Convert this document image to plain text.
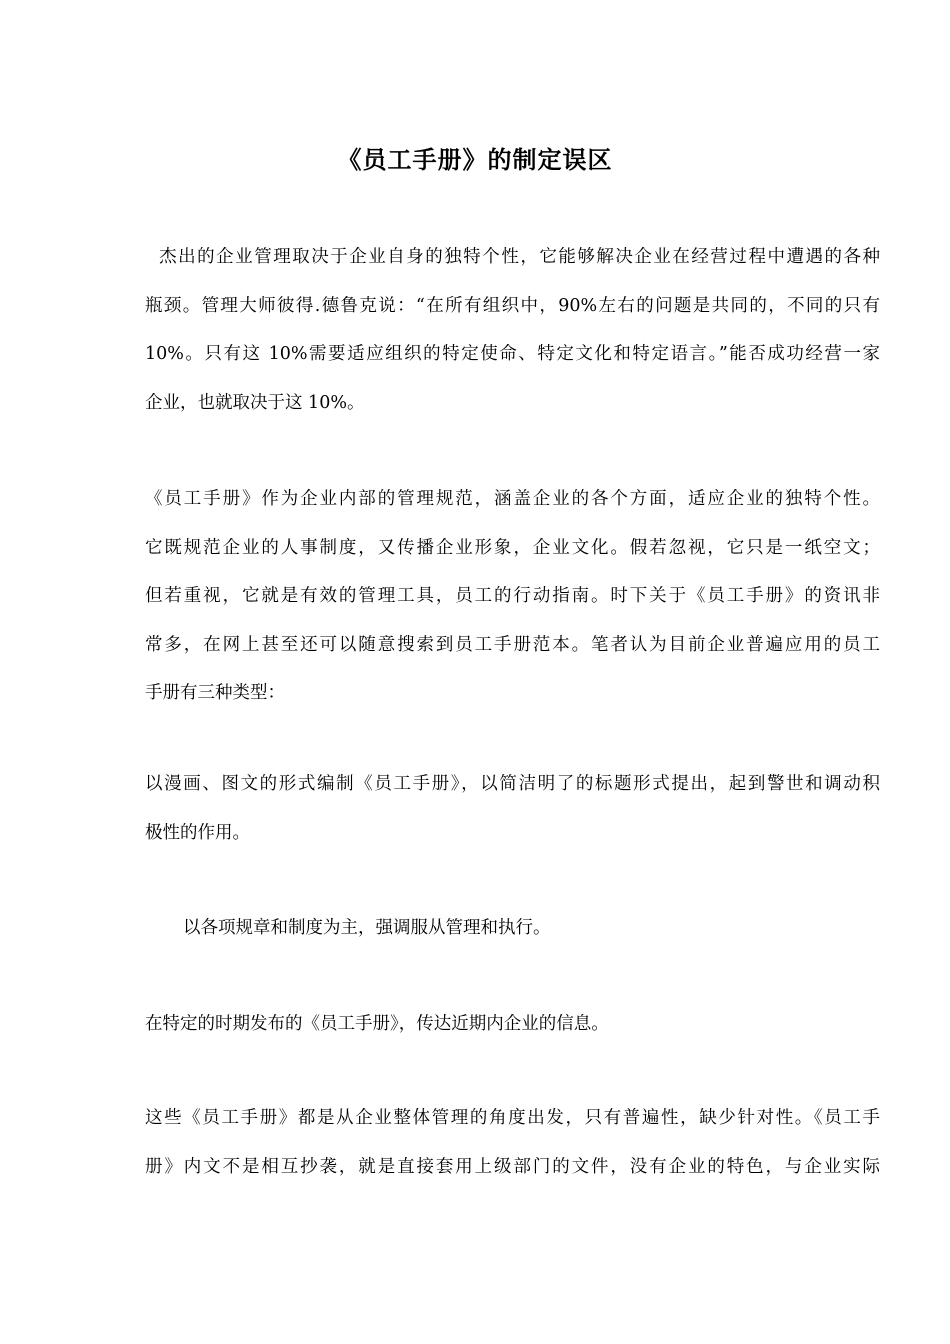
《员工手册》的制定误区

杰出的企业管理取决于企业自身的独特个性，它能够解决企业在经营过程中遭遇的各种
瓶颈。管理大师彼得.德鲁克说：“在所有组织中，90%左右的问题是共同的，不同的只有
10%。只有这 10%需要适应组织的特定使命、特定文化和特定语言。”能否成功经营一家
企业，也就取决于这 10%。

《员工手册》作为企业内部的管理规范，涵盖企业的各个方面，适应企业的独特个性。
它既规范企业的人事制度，又传播企业形象，企业文化。假若忽视，它只是一纸空文；
但若重视，它就是有效的管理工具，员工的行动指南。时下关于《员工手册》的资讯非
常多，在网上甚至还可以随意搜索到员工手册范本。笔者认为目前企业普遍应用的员工
手册有三种类型：

以漫画、图文的形式编制《员工手册》，以简洁明了的标题形式提出，起到警世和调动积
极性的作用。

以各项规章和制度为主，强调服从管理和执行。

在特定的时期发布的《员工手册》，传达近期内企业的信息。

这些《员工手册》都是从企业整体管理的角度出发，只有普遍性，缺少针对性。《员工手
册》内文不是相互抄袭，就是直接套用上级部门的文件，没有企业的特色，与企业实际
